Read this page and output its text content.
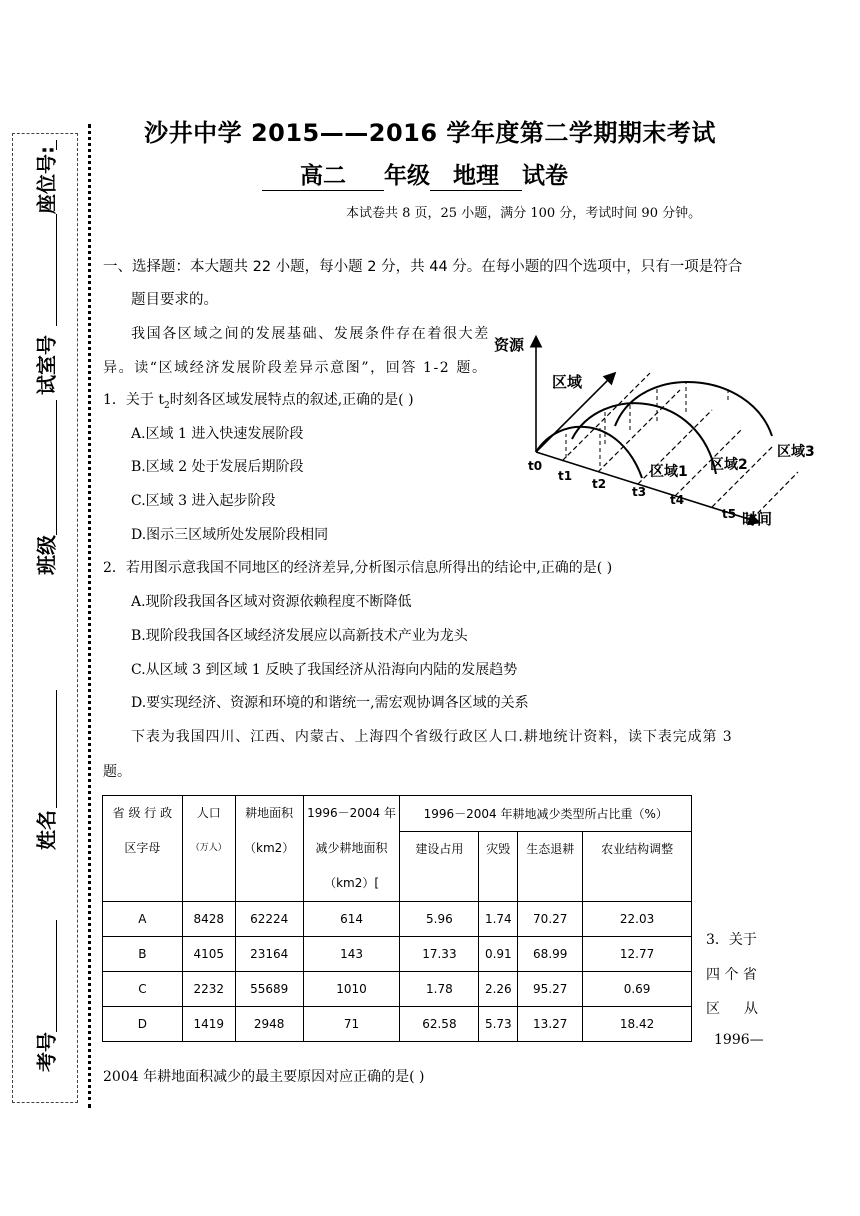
座位号:
试室号
班级
姓名
考号
沙井中学 2015——2016 学年度第二学期期末考试
高二 年级 地理 试卷
本试卷共 8 页，25 小题，满分 100 分，考试时间 90 分钟。
一、选择题：本大题共 22 小题，每小题 2 分，共 44 分。在每小题的四个选项中，只有一项是符合
题目要求的。
我国各区域之间的发展基础、发展条件存在着很大差
异。读“区域经济发展阶段差异示意图”，回答 1-2 题。
1．关于 $t_2$时刻各区域发展特点的叙述,正确的是( )
A.区域 1 进入快速发展阶段
B.区域 2 处于发展后期阶段
C.区域 3 进入起步阶段
D.图示三区域所处发展阶段相同
资源
区域
t0
t1
t2
t3
t4
t5 时间
区域1 区域2
区域3
2．若用图示意我国不同地区的经济差异,分析图示信息所得出的结论中,正确的是( )
A.现阶段我国各区域对资源依赖程度不断降低
B.现阶段我国各区域经济发展应以高新技术产业为龙头
C.从区域 3 到区域 1 反映了我国经济从沿海向内陆的发展趋势
D.要实现经济、资源和环境的和谐统一,需宏观协调各区域的关系
下表为我国四川、江西、内蒙古、上海四个省级行政区人口.耕地统计资料，读下表完成第 3
题。
省 级 行 政
区字母	人口
（万人）	耕地面积
（km2）	1996－2004 年
减少耕地面积
（km2）[	1996－2004 年耕地减少类型所占比重（%）			

				建设占用	灾毁	生态退耕	农业结构调整

A	8428	62224	614	5.96	1.74	70.27	22.03
B	4105	23164	143	17.33	0.91	68.99	12.77
C	2232	55689	1010	1.78	2.26	95.27	0.69
D	1419	2948	71	62.58	5.73	13.27	18.42
3．关于
四 个 省
区 从
1996—
2004 年耕地面积减少的最主要原因对应正确的是( )
